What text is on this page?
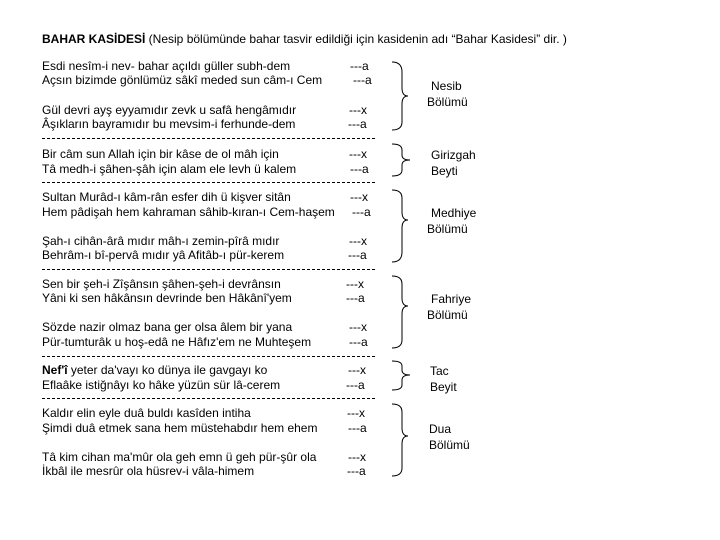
BAHAR KASİDESİ (Nesip bölümünde bahar tasvir edildiği için kasidenin adı “Bahar Kasidesi” dir. )
Esdi nesîm-i nev- bahar açıldı güller subh-dem	---a
Açsın bizimde gönlümüz sâkî meded sun câm-ı Cem	---a
Gül devri ayş eyyamıdır zevk u safâ hengâmıdır	---x
Âşıkların bayramıdır bu mevsim-i ferhunde-dem	---a
Bir câm sun Allah için bir kâse de ol mâh için	---x
Tâ medh-i şâhen-şâh için alam ele levh ü kalem	---a
Sultan Murâd-ı kâm-rân esfer dih ü kişver sitân	---x
Hem pâdişah hem kahraman sâhib-kıran-ı Cem-haşem ---a
Şah-ı cihân-ârâ mıdır mâh-ı zemin-pîrâ mıdır	---x
Behrâm-ı bî-pervâ mıdır yâ Afitâb-ı pür-kerem	---a
Sen bir şeh-i Zîşânsın şâhen-şeh-i devrânsın	---x
Yâni ki sen hâkânsın devrinde ben Hâkânî'yem	---a
Sözde nazir olmaz bana ger olsa âlem bir yana	---x
Pür-tumturâk u hoş-edâ ne Hâfız'em ne Muhteşem	---a
Nef'î yeter da'vayı ko dünya ile gavgayı ko	---x
Eflaâke istiğnâyı ko hâke yüzün sür lâ-cerem	---a
Kaldır elin eyle duâ buldı kasîden intiha	---x
Şimdi duâ etmek sana hem müstehabdır hem ehem	---a
Tâ kim cihan ma'mûr ola geh emn ü geh pür-şûr ola	---x
İkbâl ile mesrûr ola hüsrev-i vâla-himem	---a
Nesib
Bölümü
Girizgah
Beyti
Medhiye
Bölümü
Fahriye
Bölümü
Tac
Beyit
Dua
Bölümü
